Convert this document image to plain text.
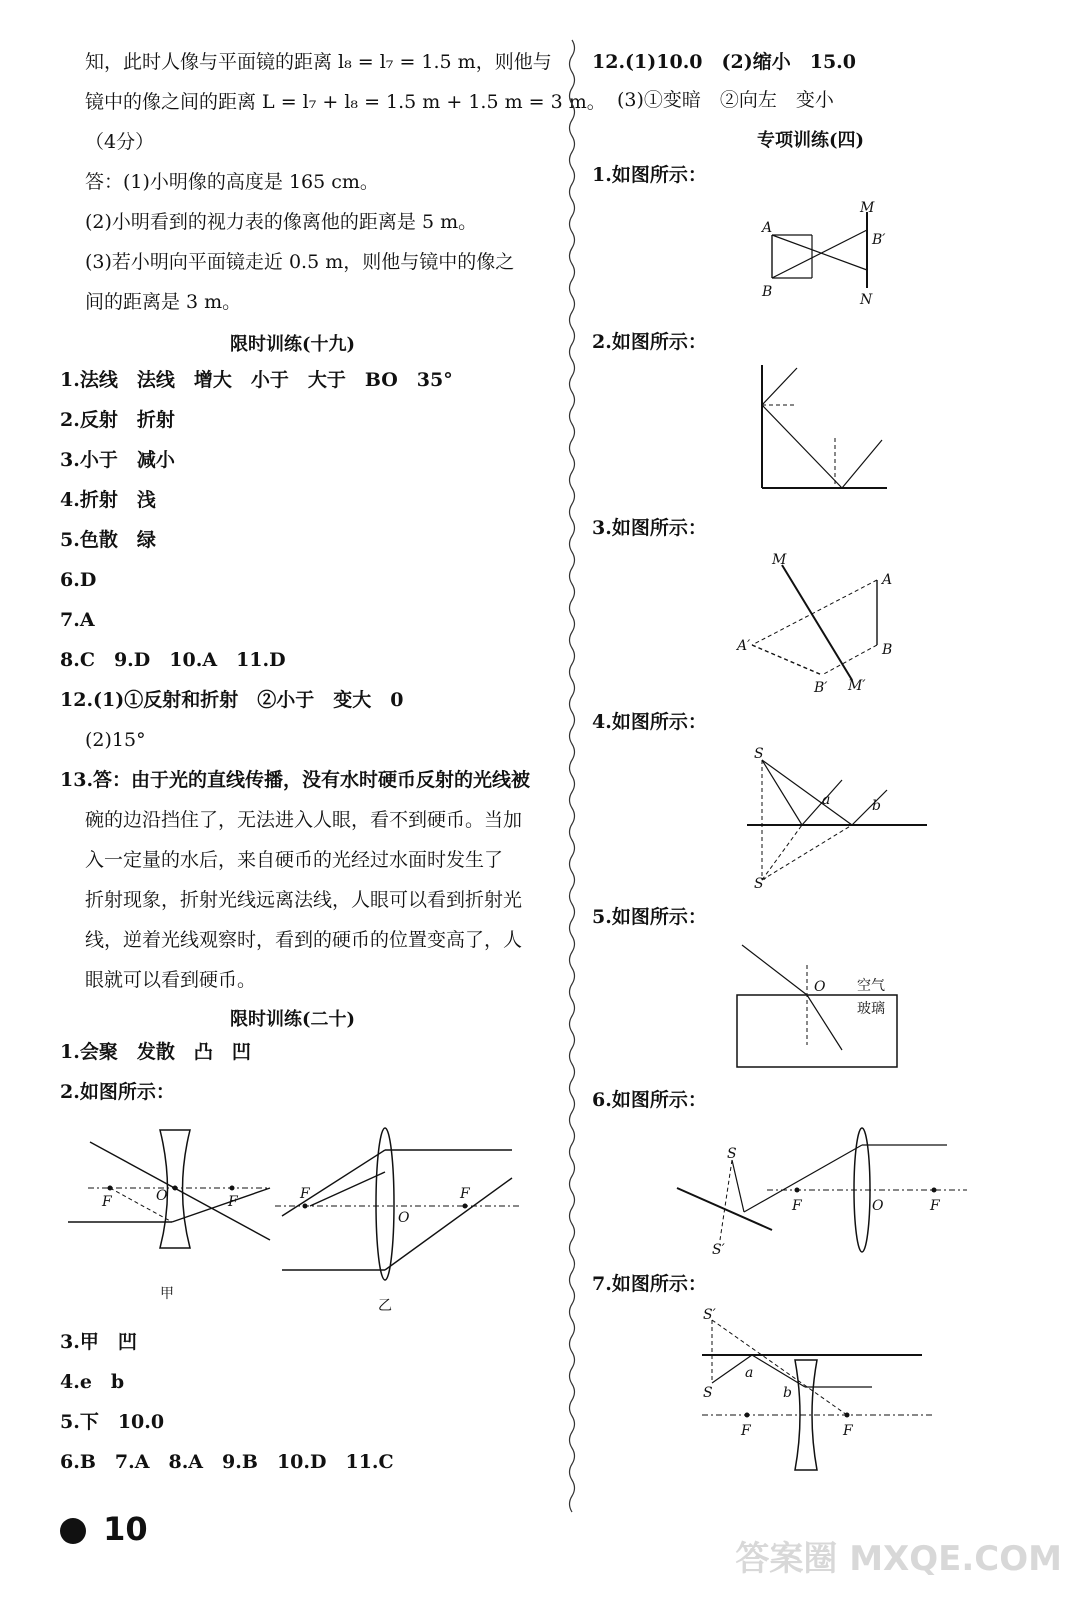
知，此时人像与平面镜的距离 l₈ = l₇ = 1.5 m，则他与
镜中的像之间的距离 L = l₇ + l₈ = 1.5 m + 1.5 m = 3 m。
（4分）
答：(1)小明像的高度是 165 cm。
(2)小明看到的视力表的像离他的距离是 5 m。
(3)若小明向平面镜走近 0.5 m，则他与镜中的像之
间的距离是 3 m。
限时训练(十九)
1.法线　法线　增大　小于　大于　BO　35°
2.反射　折射
3.小于　减小
4.折射　浅
5.色散　绿
6.D
7.A
8.C　9.D　10.A　11.D
12.(1)①反射和折射　②小于　变大　0
(2)15°
13.答：由于光的直线传播，没有水时硬币反射的光线被
碗的边沿挡住了，无法进入人眼，看不到硬币。当加
入一定量的水后，来自硬币的光经过水面时发生了
折射现象，折射光线远离法线，人眼可以看到折射光
线，逆着光线观察时，看到的硬币的位置变高了，人
眼就可以看到硬币。
限时训练(二十)
1.会聚　发散　凸　凹
2.如图所示：
F	O	F
甲
F
O
F
乙
3.甲　凹
4.e　b
5.下　10.0
6.B　7.A　8.A　9.B　10.D　11.C
10
12.(1)10.0　(2)缩小　15.0
(3)①变暗　②向左　变小
专项训练(四)
1.如图所示：
A
B
M
N
B′
2.如图所示：
3.如图所示：
A
B
M
A′
B′ M′
4.如图所示：
S
a	b
S′
5.如图所示：
O 空气
玻璃
6.如图所示：
S
S′
F	O	F
7.如图所示：
S′
S
a
b
F	F
答案圈 MXQE.COM
